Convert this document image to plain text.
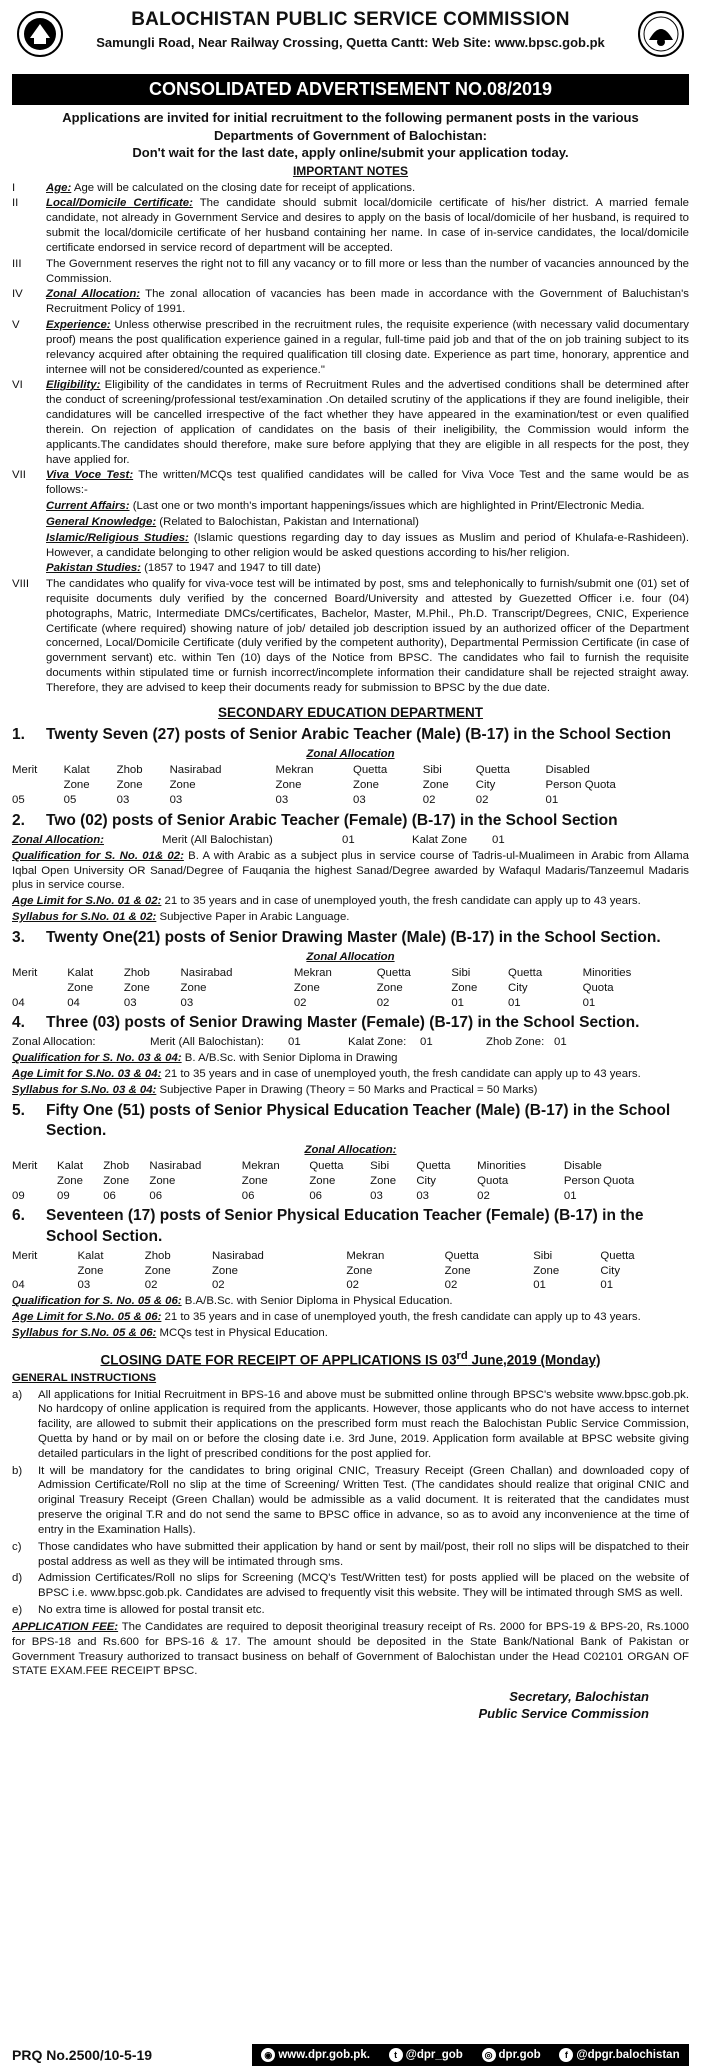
BALOCHISTAN PUBLIC SERVICE COMMISSION
Samungli Road, Near Railway Crossing, Quetta Cantt: Web Site: www.bpsc.gob.pk
CONSOLIDATED ADVERTISEMENT NO.08/2019
Applications are invited for initial recruitment to the following permanent posts in the various
Departments of Government of Balochistan:
Don't wait for the last date, apply online/submit your application today.
IMPORTANT NOTES
I	Age: Age will be calculated on the closing date for receipt of applications.
II	Local/Domicile Certificate: The candidate should submit local/domicile certificate of his/her district. A married female candidate, not already in Government Service and desires to apply on the basis of local/domicile of her husband, is required to submit the local/domicile certificate of her husband containing her name. In case of in-service candidates, the local/domicile certificate endorsed in service record of department will be accepted.
III	The Government reserves the right not to fill any vacancy or to fill more or less than the number of vacancies announced by the Commission.
IV	Zonal Allocation: The zonal allocation of vacancies has been made in accordance with the Government of Baluchistan's Recruitment Policy of 1991.
V	Experience: Unless otherwise prescribed in the recruitment rules, the requisite experience (with necessary valid documentary proof) means the post qualification experience gained in a regular, full-time paid job and that of the on job training subject to its relevancy acquired after obtaining the required qualification till closing date. Experience as part time, honorary, apprentice and internee will not be considered/counted as experience."
VI	Eligibility: Eligibility of the candidates in terms of Recruitment Rules and the advertised conditions shall be determined after the conduct of screening/professional test/examination .On detailed scrutiny of the applications if they are found ineligible, their candidatures will be cancelled irrespective of the fact whether they have appeared in the examination/test or even qualified therein. On rejection of application of candidates on the basis of their ineligibility, the Commission would inform the applicants.The candidates should therefore, make sure before applying that they are eligible in all respects for the post, they have applied for.
VII	Viva Voce Test: The written/MCQs test qualified candidates will be called for Viva Voce Test and the same would be as follows:-
Current Affairs: (Last one or two month's important happenings/issues which are highlighted in Print/Electronic Media.
General Knowledge: (Related to Balochistan, Pakistan and International)
Islamic/Religious Studies: (Islamic questions regarding day to day issues as Muslim and period of Khulafa-e-Rashideen). However, a candidate belonging to other religion would be asked questions according to his/her religion.
Pakistan Studies: (1857 to 1947 and 1947 to till date)
VIII	The candidates who qualify for viva-voce test will be intimated by post, sms and telephonically to furnish/submit one (01) set of requisite documents duly verified by the concerned Board/University and attested by Guezetted Officer i.e. four (04) photographs, Matric, Intermediate DMCs/certificates, Bachelor, Master, M.Phil., Ph.D. Transcript/Degrees, CNIC, Experience Certificate (where required) showing nature of job/ detailed job description issued by an authorized officer of the Department concerned, Local/Domicile Certificate (duly verified by the competent authority), Departmental Permission Certificate (in case of government servant) etc. within Ten (10) days of the Notice from BPSC. The candidates who fail to furnish the requisite documents within stipulated time or furnish incorrect/incomplete information their candidature shall be rejected straight away. Therefore, they are advised to keep their documents ready for submission to BPSC by the due date.
SECONDARY EDUCATION DEPARTMENT
1.	Twenty Seven (27) posts of Senior Arabic Teacher (Male) (B-17) in the School Section
Zonal Allocation
Merit	Kalat	Zhob	Nasirabad	Mekran	Quetta	Sibi	Quetta	Disabled
	Zone	Zone	Zone	Zone	Zone	Zone	City	Person Quota
05	05	03	03	03	03	02	02	01
2.	Two (02) posts of Senior Arabic Teacher (Female) (B-17) in the School Section
Zonal Allocation:	Merit (All Balochistan)	01	Kalat Zone	01
Qualification for S. No. 01& 02: B. A with Arabic as a subject plus in service course of Tadris-ul-Mualimeen in Arabic from Allama Iqbal Open University OR Sanad/Degree of Fauqania the highest Sanad/Degree awarded by Wafaqul Madaris/Tanzeemul Madaris plus in service course.
Age Limit for S.No. 01 & 02: 21 to 35 years and in case of unemployed youth, the fresh candidate can apply up to 43 years.
Syllabus for S.No. 01 & 02: Subjective Paper in Arabic Language.
3.	Twenty One(21) posts of Senior Drawing Master (Male) (B-17) in the School Section.
Zonal Allocation
Merit	Kalat	Zhob	Nasirabad	Mekran	Quetta	Sibi	Quetta	Minorities
	Zone	Zone	Zone	Zone	Zone	Zone	City	Quota
04	04	03	03	02	02	01	01	01
4.	Three (03) posts of Senior Drawing Master (Female) (B-17) in the School Section.
Zonal Allocation:	Merit (All Balochistan):	01	Kalat Zone:	01	Zhob Zone: 01
Qualification for S. No. 03 & 04: B. A/B.Sc. with Senior Diploma in Drawing
Age Limit for S.No. 03 & 04: 21 to 35 years and in case of unemployed youth, the fresh candidate can apply up to 43 years.
Syllabus for S.No. 03 & 04: Subjective Paper in Drawing (Theory = 50 Marks and Practical = 50 Marks)
5.	Fifty One (51) posts of Senior Physical Education Teacher (Male) (B-17) in the School Section.
Zonal Allocation:
Merit	Kalat	Zhob	Nasirabad	Mekran	Quetta	Sibi	Quetta	Minorities	Disable
	Zone	Zone	Zone	Zone	Zone	Zone	City	Quota	Person Quota
09	09	06	06	06	06	03	03	02	01
6.	Seventeen (17) posts of Senior Physical Education Teacher (Female) (B-17) in the School Section.
Merit	Kalat	Zhob	Nasirabad	Mekran	Quetta	Sibi	Quetta
	Zone	Zone	Zone	Zone	Zone	Zone	City
04	03	02	02	02	02	01	01
Qualification for S. No. 05 & 06: B.A/B.Sc. with Senior Diploma in Physical Education.
Age Limit for S.No. 05 & 06: 21 to 35 years and in case of unemployed youth, the fresh candidate can apply up to 43 years.
Syllabus for S.No. 05 & 06: MCQs test in Physical Education.
CLOSING DATE FOR RECEIPT OF APPLICATIONS IS 03rd June,2019 (Monday)
GENERAL INSTRUCTIONS
a)	All applications for Initial Recruitment in BPS-16 and above must be submitted online through BPSC's website www.bpsc.gob.pk. No hardcopy of online application is required from the applicants. However, those applicants who do not have access to internet facility, are allowed to submit their applications on the prescribed form must reach the Balochistan Public Service Commission, Quetta by hand or by mail on or before the closing date i.e. 3rd June, 2019. Application form available at BPSC website giving detailed particulars in the light of prescribed conditions for the post applied for.
b)	It will be mandatory for the candidates to bring original CNIC, Treasury Receipt (Green Challan) and downloaded copy of Admission Certificate/Roll no slip at the time of Screening/ Written Test. (The candidates should realize that original CNIC and original Treasury Receipt (Green Challan) would be admissible as a valid document. It is reiterated that the candidates must preserve the original T.R and do not send the same to BPSC office in advance, so as to avoid any inconvenience at the time of entry in the Examination Halls).
c)	Those candidates who have submitted their application by hand or sent by mail/post, their roll no slips will be dispatched to their postal address as well as they will be intimated through sms.
d)	Admission Certificates/Roll no slips for Screening (MCQ's Test/Written test) for posts applied will be placed on the website of BPSC i.e. www.bpsc.gob.pk. Candidates are advised to frequently visit this website. They will be intimated through SMS as well.
e)	No extra time is allowed for postal transit etc.
APPLICATION FEE: The Candidates are required to deposit theoriginal treasury receipt of Rs. 2000 for BPS-19 & BPS-20, Rs.1000 for BPS-18 and Rs.600 for BPS-16 & 17. The amount should be deposited in the State Bank/National Bank of Pakistan or Government Treasury authorized to transact business on behalf of Government of Balochistan under the Head C02101 ORGAN OF STATE EXAM.FEE RECEIPT BPSC.
Secretary, Balochistan
Public Service Commission
PRQ No.2500/10-5-19	◉ www.dpr.gob.pk.	t @dpr_gob	◎ dpr.gob	f @dpgr.balochistan
